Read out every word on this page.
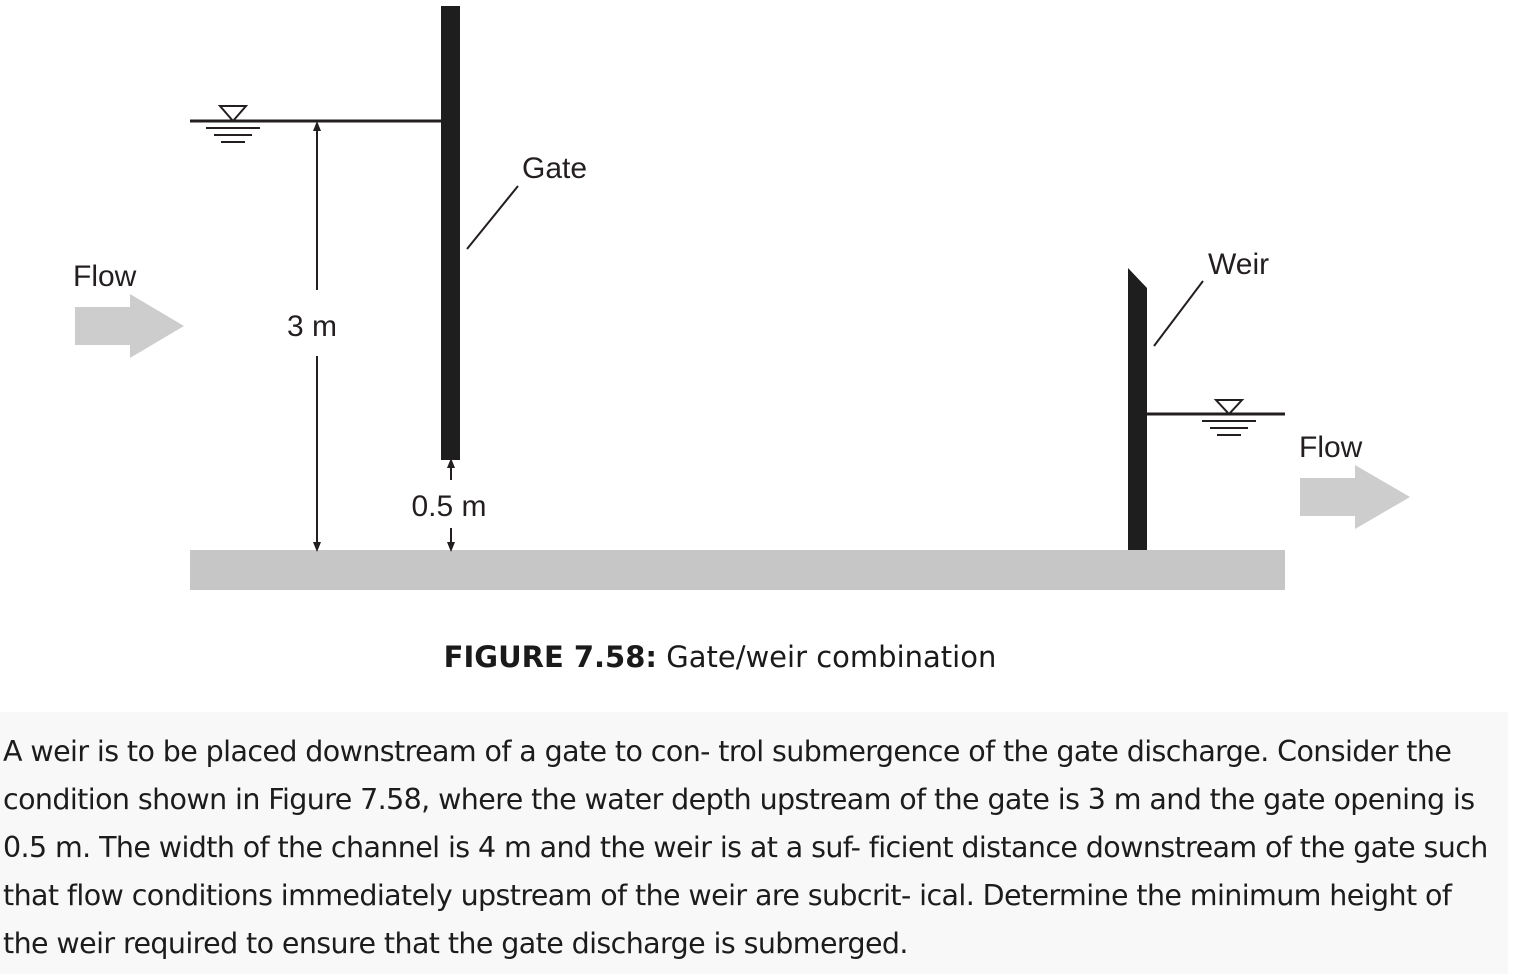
Gate
3 m
0.5 m
Flow	Weir
Flow
FIGURE 7.58: Gate/weir combination
A weir is to be placed downstream of a gate to con- trol submergence of the gate discharge. Consider the condition shown in Figure 7.58, where the water depth upstream of the gate is 3 m and the gate opening is 0.5 m. The width of the channel is 4 m and the weir is at a suf- ficient distance downstream of the gate such that flow conditions immediately upstream of the weir are subcrit- ical. Determine the minimum height of the weir required to ensure that the gate discharge is submerged.
